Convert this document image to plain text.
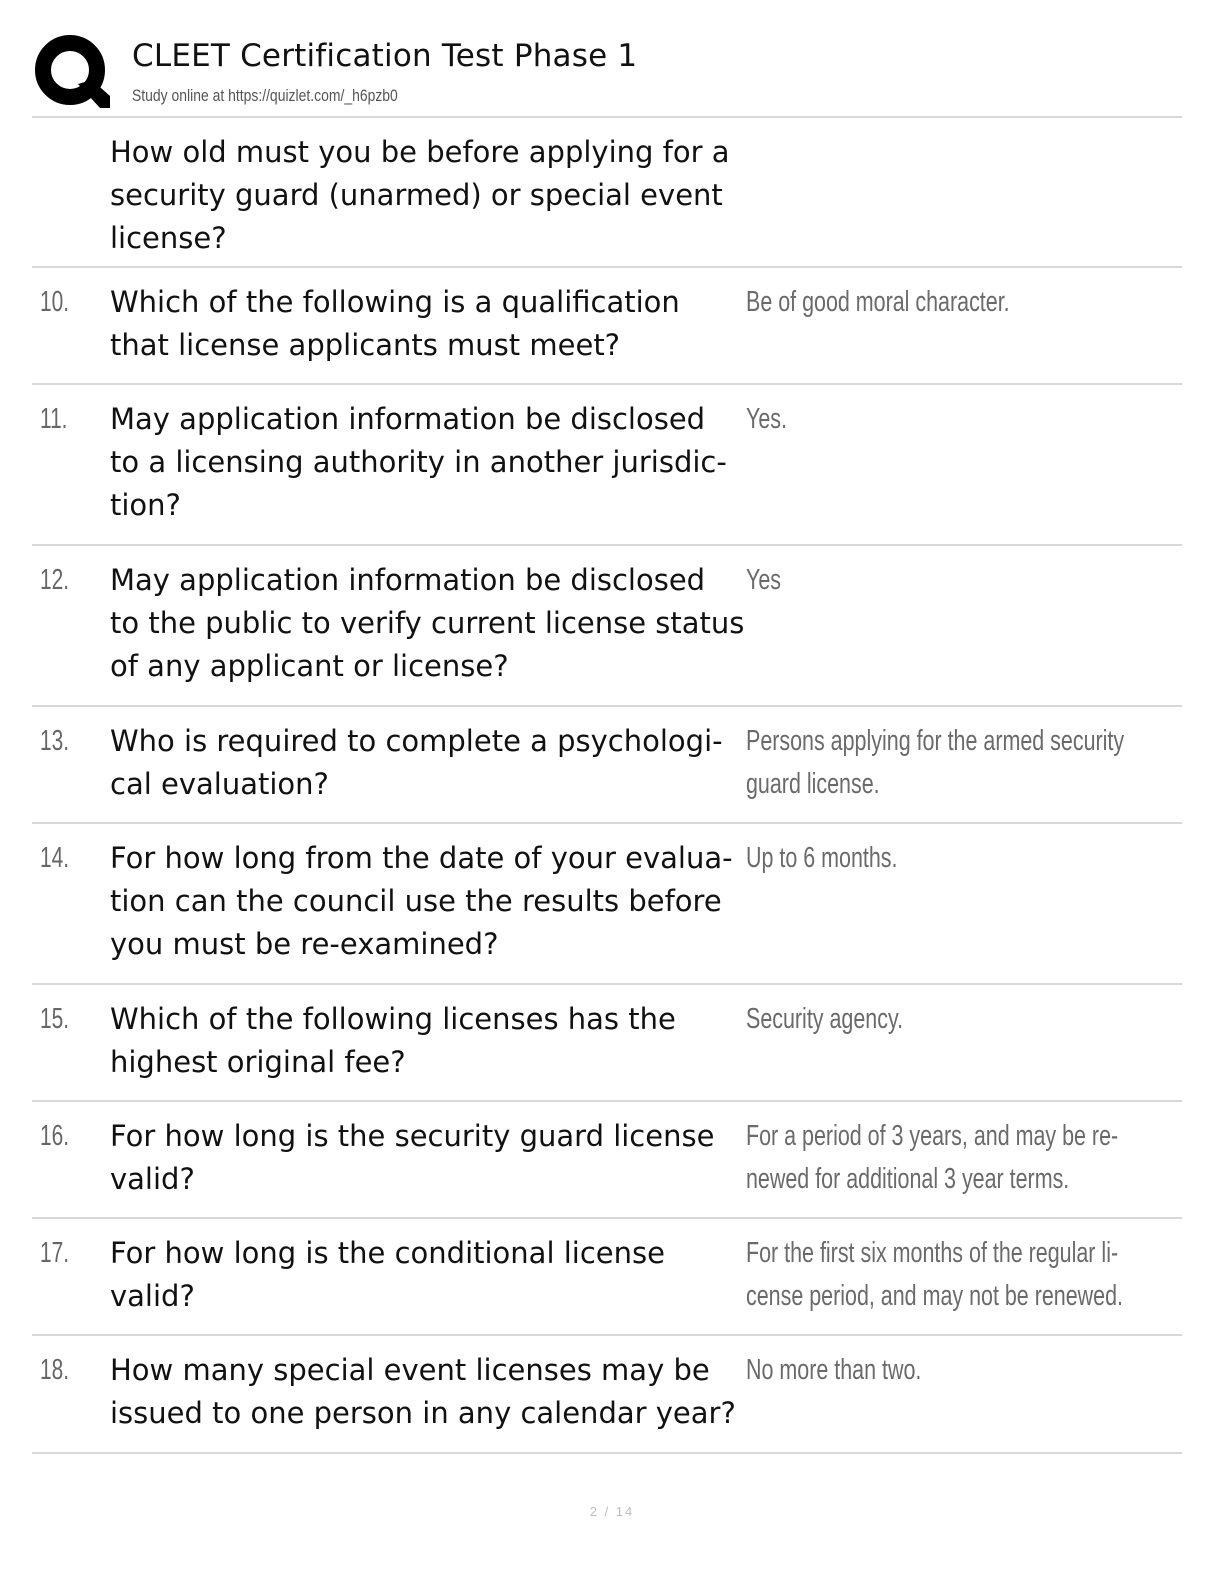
CLEET Certification Test Phase 1
Study online at https://quizlet.com/_h6pzb0
How old must you be before applying for a
security guard (unarmed) or special event
license?
10. Which of the following is a qualification
that license applicants must meet?
Be of good moral character.
11. May application information be disclosed
to a licensing authority in another jurisdic-
tion?
Yes.
12. May application information be disclosed
to the public to verify current license status
of any applicant or license?
Yes
13. Who is required to complete a psychologi-
cal evaluation?
Persons applying for the armed security
guard license.
14. For how long from the date of your evalua-
tion can the council use the results before
you must be re-examined?
Up to 6 months.
15. Which of the following licenses has the
highest original fee?
Security agency.
16. For how long is the security guard license
valid?
For a period of 3 years, and may be re-
newed for additional 3 year terms.
17. For how long is the conditional license
valid?
For the first six months of the regular li-
cense period, and may not be renewed.
18. How many special event licenses may be
issued to one person in any calendar year?
No more than two.
2 / 14
